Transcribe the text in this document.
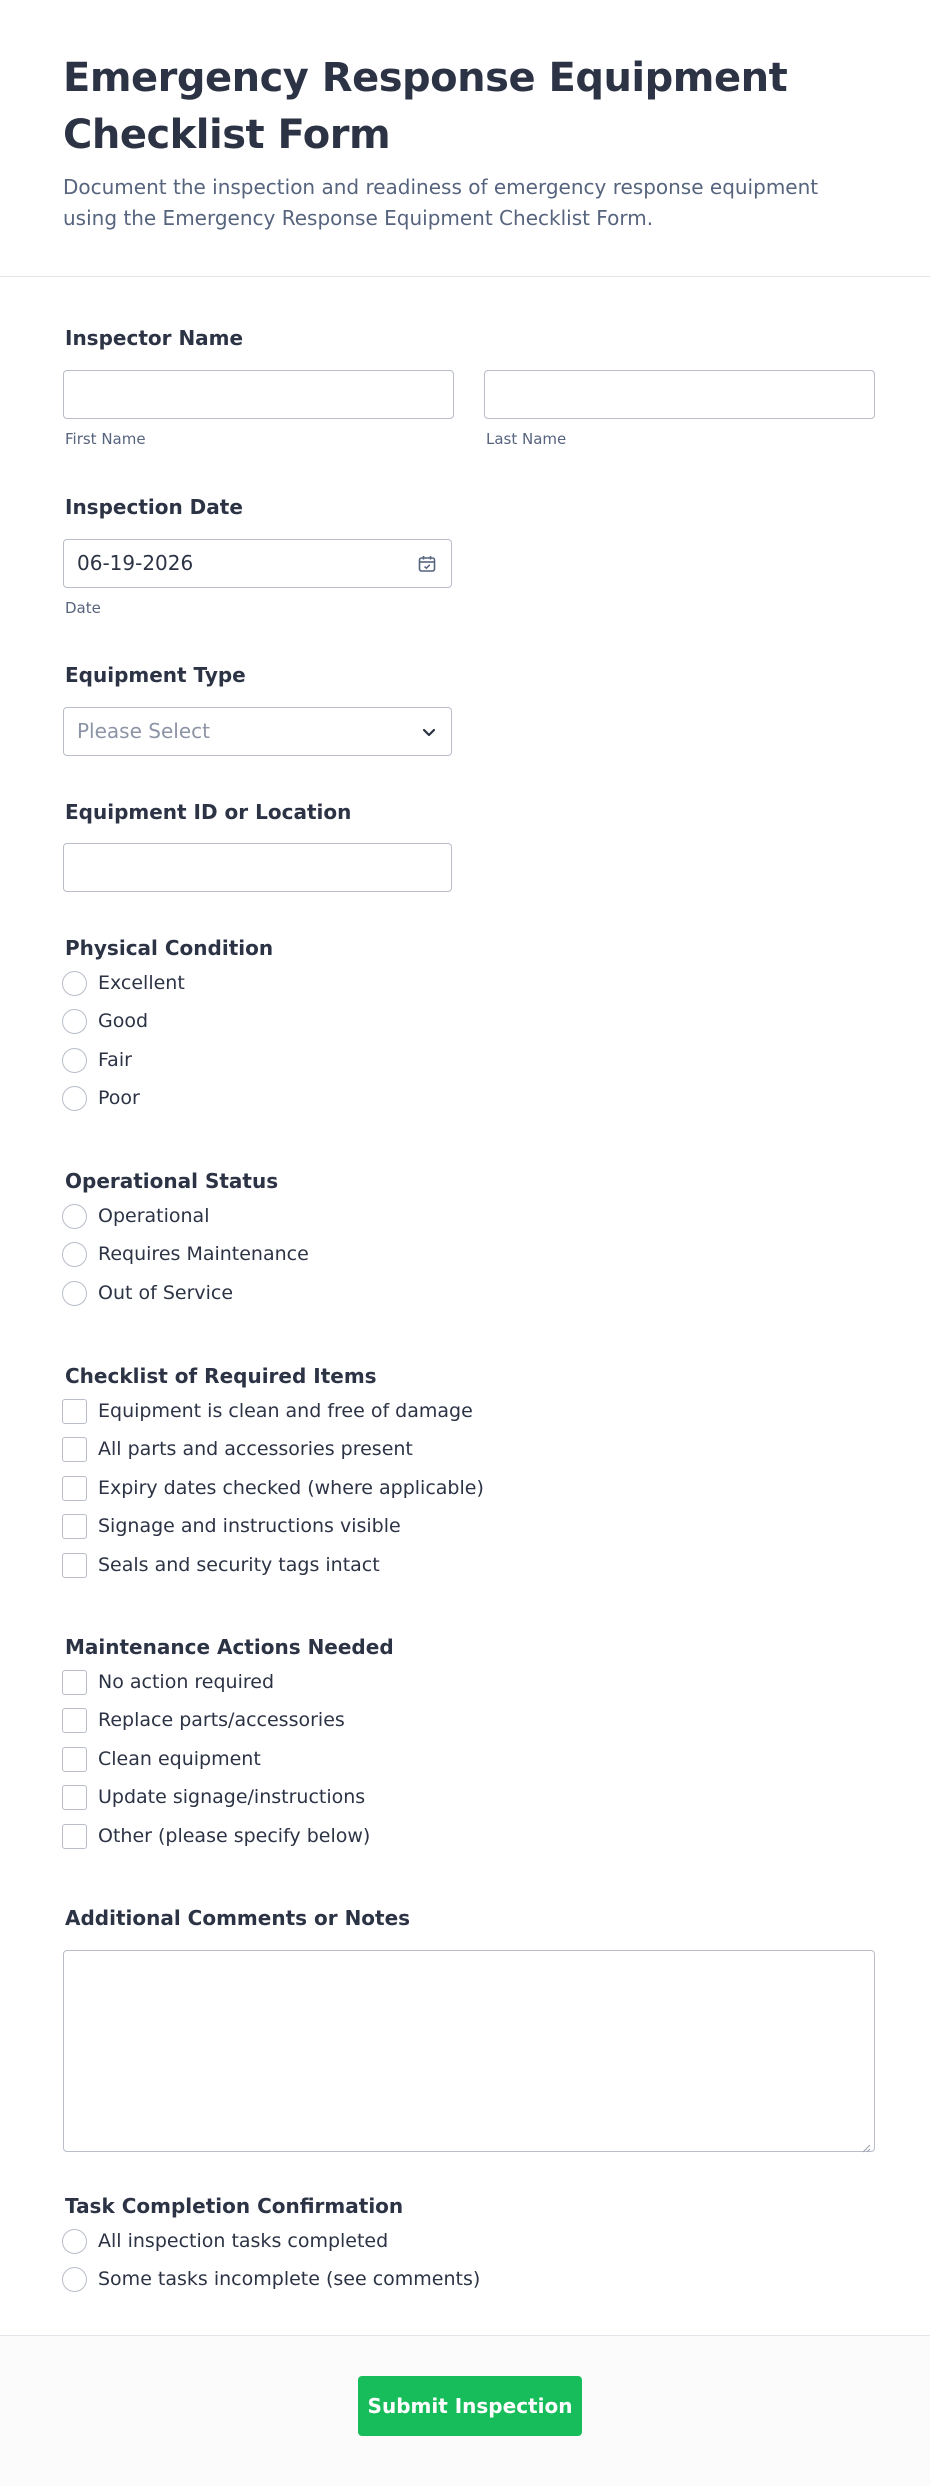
Emergency Response Equipment Checklist Form

Document the inspection and readiness of emergency response equipment using the Emergency Response Equipment Checklist Form.

Inspector Name
First Name	Last Name
Inspection Date
06-19-2026
Date
Equipment Type
Please Select
Equipment ID or Location
Physical Condition
Excellent
Good
Fair
Poor
Operational Status
Operational
Requires Maintenance
Out of Service
Checklist of Required Items
Equipment is clean and free of damage
All parts and accessories present
Expiry dates checked (where applicable)
Signage and instructions visible
Seals and security tags intact
Maintenance Actions Needed
No action required
Replace parts/accessories
Clean equipment
Update signage/instructions
Other (please specify below)
Additional Comments or Notes
Task Completion Confirmation
All inspection tasks completed
Some tasks incomplete (see comments)
Submit Inspection
